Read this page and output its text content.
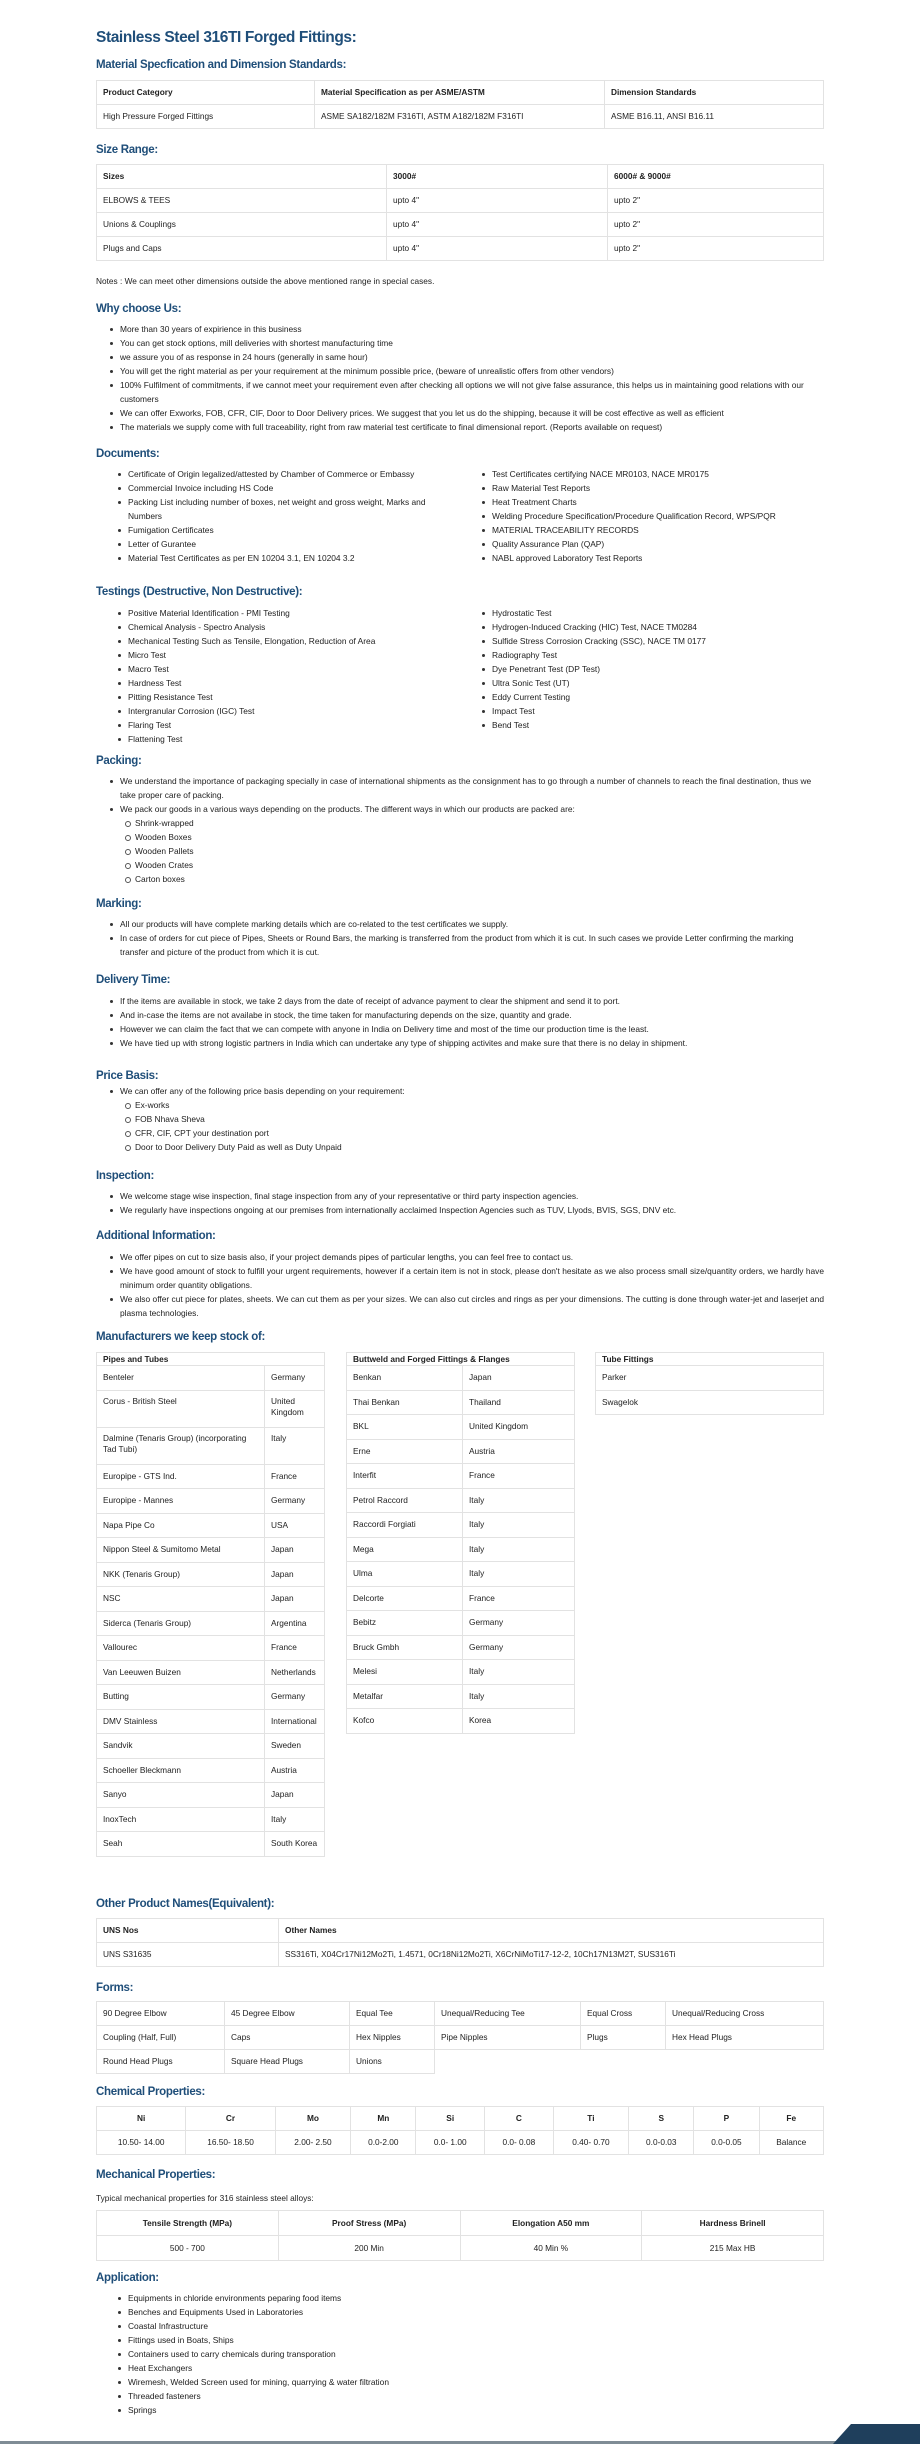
Stainless Steel 316TI Forged Fittings:
Material Specfication and Dimension Standards:
Product Category	Material Specification as per ASME/ASTM	Dimension Standards
High Pressure Forged Fittings	ASME SA182/182M F316TI, ASTM A182/182M F316TI	ASME B16.11, ANSI B16.11
Size Range:
Sizes	3000#	6000# & 9000#
ELBOWS & TEES	upto 4"	upto 2"
Unions & Couplings	upto 4"	upto 2"
Plugs and Caps	upto 4"	upto 2"
Notes : We can meet other dimensions outside the above mentioned range in special cases.
Why choose Us:
More than 30 years of expirience in this business
You can get stock options, mill deliveries with shortest manufacturing time
we assure you of as response in 24 hours (generally in same hour)
You will get the right material as per your requirement at the minimum possible price, (beware of unrealistic offers from other vendors)
100% Fulfilment of commitments, if we cannot meet your requirement even after checking all options we will not give false assurance, this helps us in maintaining good relations with our customers
We can offer Exworks, FOB, CFR, CIF, Door to Door Delivery prices. We suggest that you let us do the shipping, because it will be cost effective as well as efficient
The materials we supply come with full traceability, right from raw material test certificate to final dimensional report. (Reports available on request)
Documents:
Certificate of Origin legalized/attested by Chamber of Commerce or Embassy
Commercial Invoice including HS Code
Packing List including number of boxes, net weight and gross weight, Marks and Numbers
Fumigation Certificates
Letter of Gurantee
Material Test Certificates as per EN 10204 3.1, EN 10204 3.2
Test Certificates certifying NACE MR0103, NACE MR0175
Raw Material Test Reports
Heat Treatment Charts
Welding Procedure Specification/Procedure Qualification Record, WPS/PQR
MATERIAL TRACEABILITY RECORDS
Quality Assurance Plan (QAP)
NABL approved Laboratory Test Reports
Testings (Destructive, Non Destructive):
Positive Material Identification - PMI Testing
Chemical Analysis - Spectro Analysis
Mechanical Testing Such as Tensile, Elongation, Reduction of Area
Micro Test
Macro Test
Hardness Test
Pitting Resistance Test
Intergranular Corrosion (IGC) Test
Flaring Test
Flattening Test
Hydrostatic Test
Hydrogen-Induced Cracking (HIC) Test, NACE TM0284
Sulfide Stress Corrosion Cracking (SSC), NACE TM 0177
Radiography Test
Dye Penetrant Test (DP Test)
Ultra Sonic Test (UT)
Eddy Current Testing
Impact Test
Bend Test
Packing:
We understand the importance of packaging specially in case of international shipments as the consignment has to go through a number of channels to reach the final destination, thus we take proper care of packing.
We pack our goods in a various ways depending on the products. The different ways in which our products are packed are:
Shrink-wrapped
Wooden Boxes
Wooden Pallets
Wooden Crates
Carton boxes
Marking:
All our products will have complete marking details which are co-related to the test certificates we supply.
In case of orders for cut piece of Pipes, Sheets or Round Bars, the marking is transferred from the product from which it is cut. In such cases we provide Letter confirming the marking transfer and picture of the product from which it is cut.
Delivery Time:
If the items are available in stock, we take 2 days from the date of receipt of advance payment to clear the shipment and send it to port.
And in-case the items are not availabe in stock, the time taken for manufacturing depends on the size, quantity and grade.
However we can claim the fact that we can compete with anyone in India on Delivery time and most of the time our production time is the least.
We have tied up with strong logistic partners in India which can undertake any type of shipping activites and make sure that there is no delay in shipment.
Price Basis:
We can offer any of the following price basis depending on your requirement:
Ex-works
FOB Nhava Sheva
CFR, CIF, CPT your destination port
Door to Door Delivery Duty Paid as well as Duty Unpaid
Inspection:
We welcome stage wise inspection, final stage inspection from any of your representative or third party inspection agencies.
We regularly have inspections ongoing at our premises from internationally acclaimed Inspection Agencies such as TUV, Llyods, BVIS, SGS, DNV etc.
Additional Information:
We offer pipes on cut to size basis also, if your project demands pipes of particular lengths, you can feel free to contact us.
We have good amount of stock to fulfill your urgent requirements, however if a certain item is not in stock, please don't hesitate as we also process small size/quantity orders, we hardly have minimum order quantity obligations.
We also offer cut piece for plates, sheets. We can cut them as per your sizes. We can also cut circles and rings as per your dimensions. The cutting is done through water-jet and laserjet and plasma technologies.
Manufacturers we keep stock of:
Pipes and Tubes	
Benteler	Germany
Corus - British Steel	United Kingdom
Dalmine (Tenaris Group) (incorporating Tad Tubi)	Italy
Europipe - GTS Ind.	France
Europipe - Mannes	Germany
Napa Pipe Co	USA
Nippon Steel & Sumitomo Metal	Japan
NKK (Tenaris Group)	Japan
NSC	Japan
Siderca (Tenaris Group)	Argentina
Vallourec	France
Van Leeuwen Buizen	Netherlands
Butting	Germany
DMV Stainless	International
Sandvik	Sweden
Schoeller Bleckmann	Austria
Sanyo	Japan
InoxTech	Italy
Seah	South Korea
Buttweld and Forged Fittings & Flanges	
Benkan	Japan
Thai Benkan	Thailand
BKL	United Kingdom
Erne	Austria
Interfit	France
Petrol Raccord	Italy
Raccordi Forgiati	Italy
Mega	Italy
Ulma	Italy
Delcorte	France
Bebitz	Germany
Bruck Gmbh	Germany
Melesi	Italy
Metalfar	Italy
Kofco	Korea
Tube Fittings
Parker
Swagelok
Other Product Names(Equivalent):
UNS Nos	Other Names
UNS S31635	SS316Ti, X04Cr17Ni12Mo2Ti, 1.4571, 0Cr18Ni12Mo2Ti, X6CrNiMoTi17-12-2, 10Ch17N13M2T, SUS316Ti
Forms:
90 Degree Elbow	45 Degree Elbow	Equal Tee	Unequal/Reducing Tee	Equal Cross	Unequal/Reducing Cross
Coupling (Half, Full)	Caps	Hex Nipples	Pipe Nipples	Plugs	Hex Head Plugs
Round Head Plugs	Square Head Plugs	Unions			
Chemical Properties:
Ni	Cr	Mo	Mn	Si	C	Ti	S	P	Fe
10.50- 14.00	16.50- 18.50	2.00- 2.50	0.0-2.00	0.0- 1.00	0.0- 0.08	0.40- 0.70	0.0-0.03	0.0-0.05	Balance
Mechanical Properties:
Typical mechanical properties for 316 stainless steel alloys:
Tensile Strength (MPa)	Proof Stress (MPa)	Elongation A50 mm	Hardness Brinell
500 - 700	200 Min	40 Min %	215 Max HB
Application:
Equipments in chloride environments peparing food items
Benches and Equipments Used in Laboratories
Coastal Infrastructure
Fittings used in Boats, Ships
Containers used to carry chemicals during transporation
Heat Exchangers
Wiremesh, Welded Screen used for mining, quarrying & water filtration
Threaded fasteners
Springs
